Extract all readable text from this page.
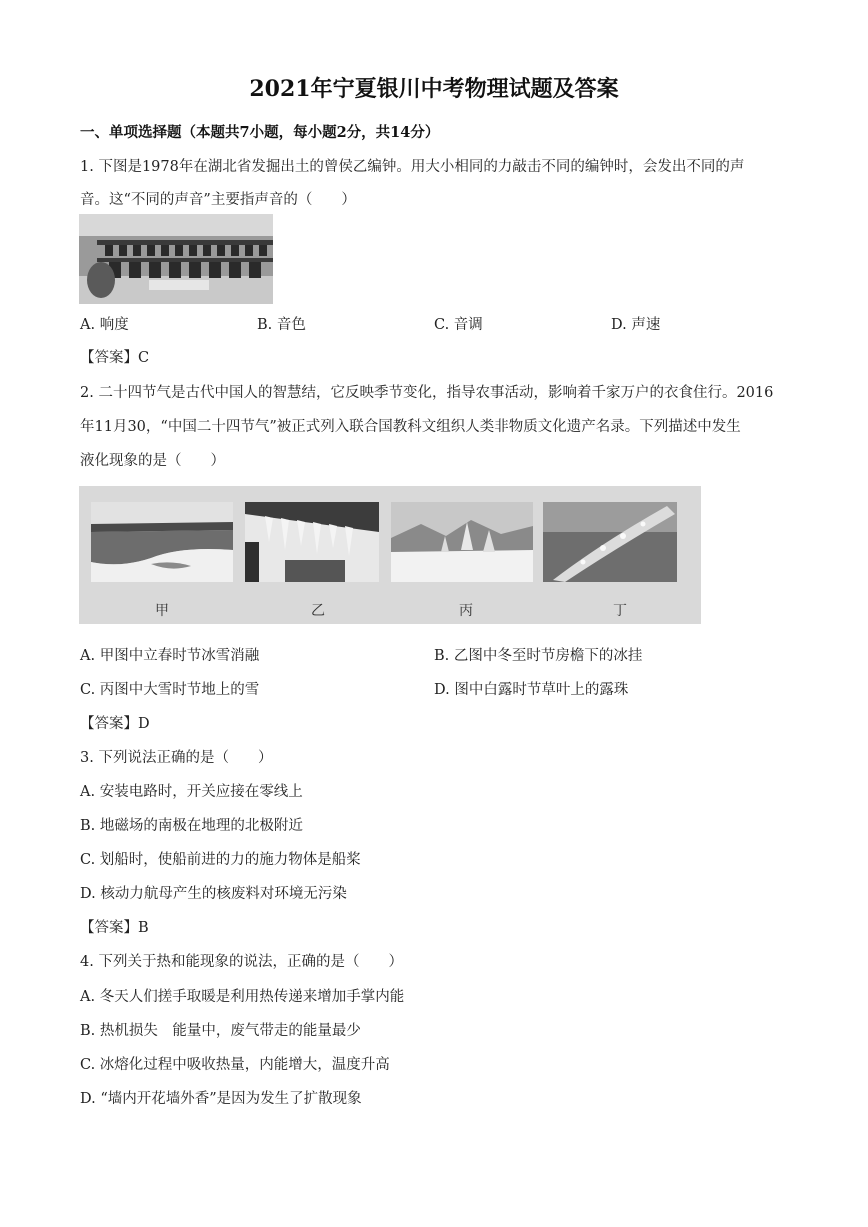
2021年宁夏银川中考物理试题及答案
一、单项选择题（本题共7小题，每小题2分，共14分）
1. 下图是1978年在湖北省发掘出土的曾侯乙编钟。用大小相同的力敲击不同的编钟时，会发出不同的声
音。这“不同的声音”主要指声音的（　　）
A. 响度	B. 音色	C. 音调	D. 声速
【答案】C
2. 二十四节气是古代中国人的智慧结，它反映季节变化，指导农事活动，影响着千家万户的衣食住行。2016
年11月30，“中国二十四节气”被正式列入联合国教科文组织人类非物质文化遗产名录。下列描述中发生
液化现象的是（　　）
甲	乙	丙	丁
A. 甲图中立春时节冰雪消融	B. 乙图中冬至时节房檐下的冰挂
C. 丙图中大雪时节地上的雪	D. 图中白露时节草叶上的露珠
【答案】D
3. 下列说法正确的是（　　）
A. 安装电路时，开关应接在零线上
B. 地磁场的南极在地理的北极附近
C. 划船时，使船前进的力的施力物体是船桨
D. 核动力航母产生的核废料对环境无污染
【答案】B
4. 下列关于热和能现象的说法，正确的是（　　）
A. 冬天人们搓手取暖是利用热传递来增加手掌内能
B. 热机损失　能量中，废气带走的能量最少
C. 冰熔化过程中吸收热量，内能增大，温度升高
D. “墙内开花墙外香”是因为发生了扩散现象
